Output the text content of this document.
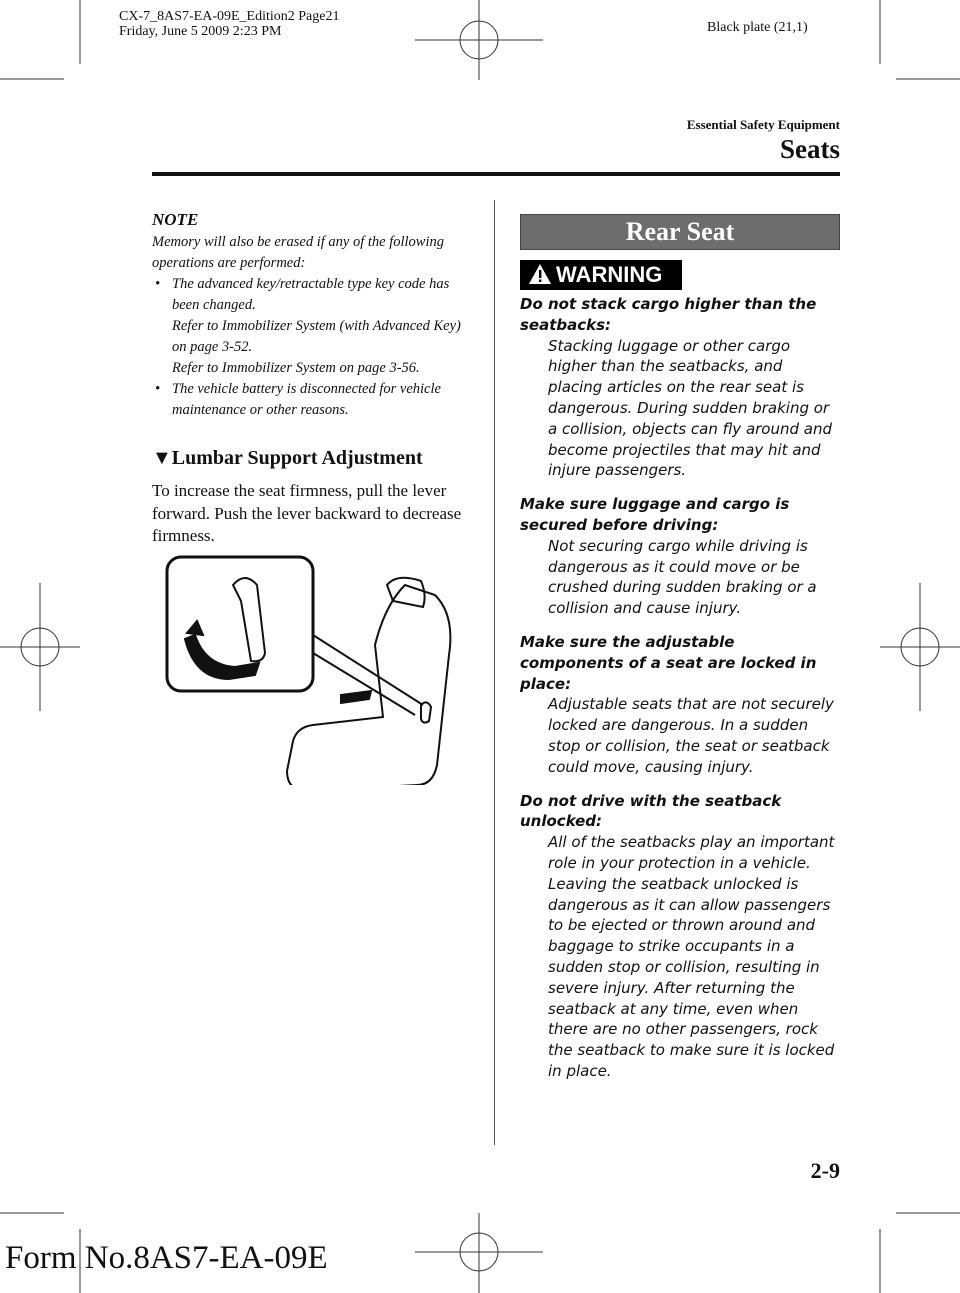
CX-7_8AS7-EA-09E_Edition2 Page21
Friday, June 5 2009 2:23 PM	Black plate (21,1)
Essential Safety Equipment
Seats
NOTE

Memory will also be erased if any of the following operations are performed:

• The advanced key/retractable type key code has been changed.
Refer to Immobilizer System (with Advanced Key) on page 3-52.
Refer to Immobilizer System on page 3-56.
• The vehicle battery is disconnected for vehicle maintenance or other reasons.
▼Lumbar Support Adjustment

To increase the seat firmness, pull the lever forward. Push the lever backward to decrease firmness.

Rear Seat
WARNING
Do not stack cargo higher than the seatbacks:
Stacking luggage or other cargo higher than the seatbacks, and placing articles on the rear seat is dangerous. During sudden braking or a collision, objects can fly around and become projectiles that may hit and injure passengers.
Make sure luggage and cargo is secured before driving:
Not securing cargo while driving is dangerous as it could move or be crushed during sudden braking or a collision and cause injury.
Make sure the adjustable components of a seat are locked in place:
Adjustable seats that are not securely locked are dangerous. In a sudden stop or collision, the seat or seatback could move, causing injury.
Do not drive with the seatback unlocked:
All of the seatbacks play an important role in your protection in a vehicle. Leaving the seatback unlocked is dangerous as it can allow passengers to be ejected or thrown around and baggage to strike occupants in a sudden stop or collision, resulting in severe injury. After returning the seatback at any time, even when there are no other passengers, rock the seatback to make sure it is locked in place.
2-9
Form No.8AS7-EA-09E
